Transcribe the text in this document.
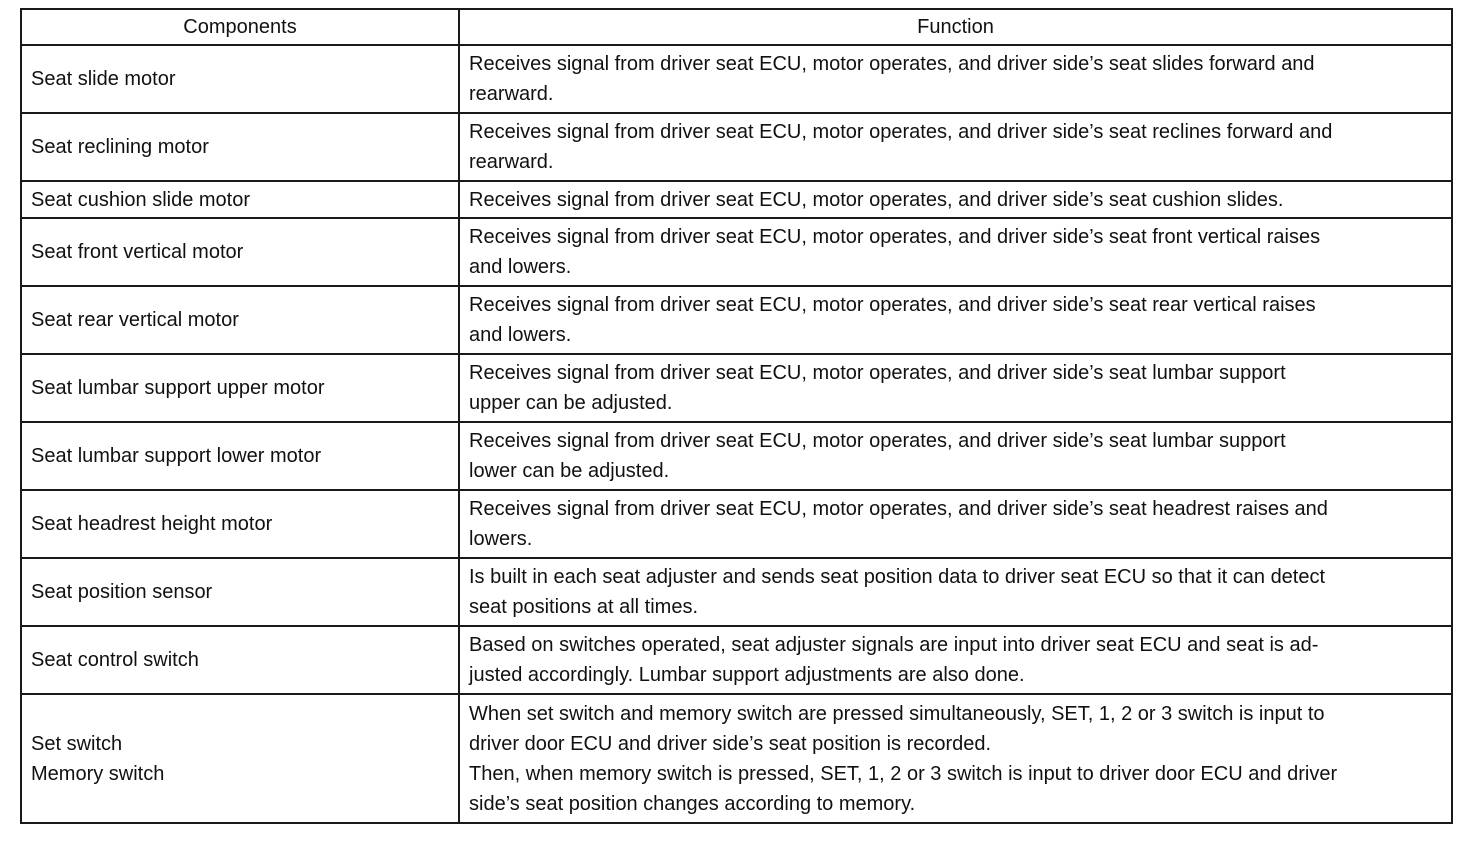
Components	Function

Seat slide motor	Receives signal from driver seat ECU, motor operates, and driver side’s seat slides forward and
rearward.

Seat reclining motor	Receives signal from driver seat ECU, motor operates, and driver side’s seat reclines forward and
rearward.

Seat cushion slide motor	Receives signal from driver seat ECU, motor operates, and driver side’s seat cushion slides.

Seat front vertical motor	Receives signal from driver seat ECU, motor operates, and driver side’s seat front vertical raises
and lowers.

Seat rear vertical motor	Receives signal from driver seat ECU, motor operates, and driver side’s seat rear vertical raises
and lowers.

Seat lumbar support upper motor	Receives signal from driver seat ECU, motor operates, and driver side’s seat lumbar support
upper can be adjusted.

Seat lumbar support lower motor	Receives signal from driver seat ECU, motor operates, and driver side’s seat lumbar support
lower can be adjusted.

Seat headrest height motor	Receives signal from driver seat ECU, motor operates, and driver side’s seat headrest raises and
lowers.

Seat position sensor	Is built in each seat adjuster and sends seat position data to driver seat ECU so that it can detect
seat positions at all times.

Seat control switch	Based on switches operated, seat adjuster signals are input into driver seat ECU and seat is ad-
justed accordingly. Lumbar support adjustments are also done.

Set switch
Memory switch	When set switch and memory switch are pressed simultaneously, SET, 1, 2 or 3 switch is input to
driver door ECU and driver side’s seat position is recorded.
Then, when memory switch is pressed, SET, 1, 2 or 3 switch is input to driver door ECU and driver
side’s seat position changes according to memory.
